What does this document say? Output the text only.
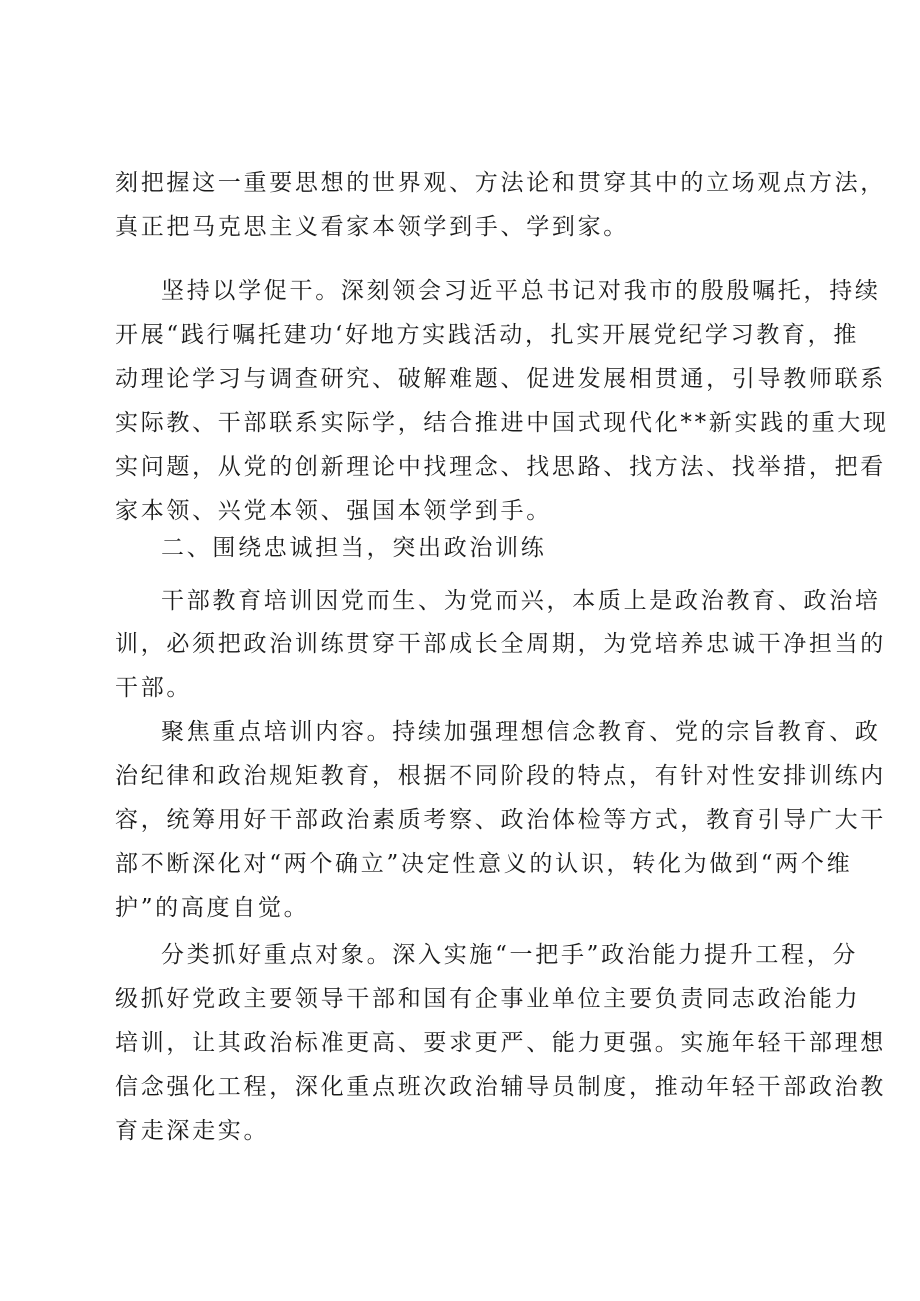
刻把握这一重要思想的世界观、方法论和贯穿其中的立场观点方法，
真正把马克思主义看家本领学到手、学到家。
坚持以学促干。深刻领会习近平总书记对我市的殷殷嘱托，持续
开展“践行嘱托建功‘好地方实践活动，扎实开展党纪学习教育，推
动理论学习与调查研究、破解难题、促进发展相贯通，引导教师联系
实际教、干部联系实际学，结合推进中国式现代化**新实践的重大现
实问题，从党的创新理论中找理念、找思路、找方法、找举措，把看
家本领、兴党本领、强国本领学到手。
二、围绕忠诚担当，突出政治训练
干部教育培训因党而生、为党而兴，本质上是政治教育、政治培
训，必须把政治训练贯穿干部成长全周期，为党培养忠诚干净担当的
干部。
聚焦重点培训内容。持续加强理想信念教育、党的宗旨教育、政
治纪律和政治规矩教育，根据不同阶段的特点，有针对性安排训练内
容，统筹用好干部政治素质考察、政治体检等方式，教育引导广大干
部不断深化对“两个确立”决定性意义的认识，转化为做到“两个维
护”的高度自觉。
分类抓好重点对象。深入实施“一把手”政治能力提升工程，分
级抓好党政主要领导干部和国有企事业单位主要负责同志政治能力
培训，让其政治标准更高、要求更严、能力更强。实施年轻干部理想
信念强化工程，深化重点班次政治辅导员制度，推动年轻干部政治教
育走深走实。
